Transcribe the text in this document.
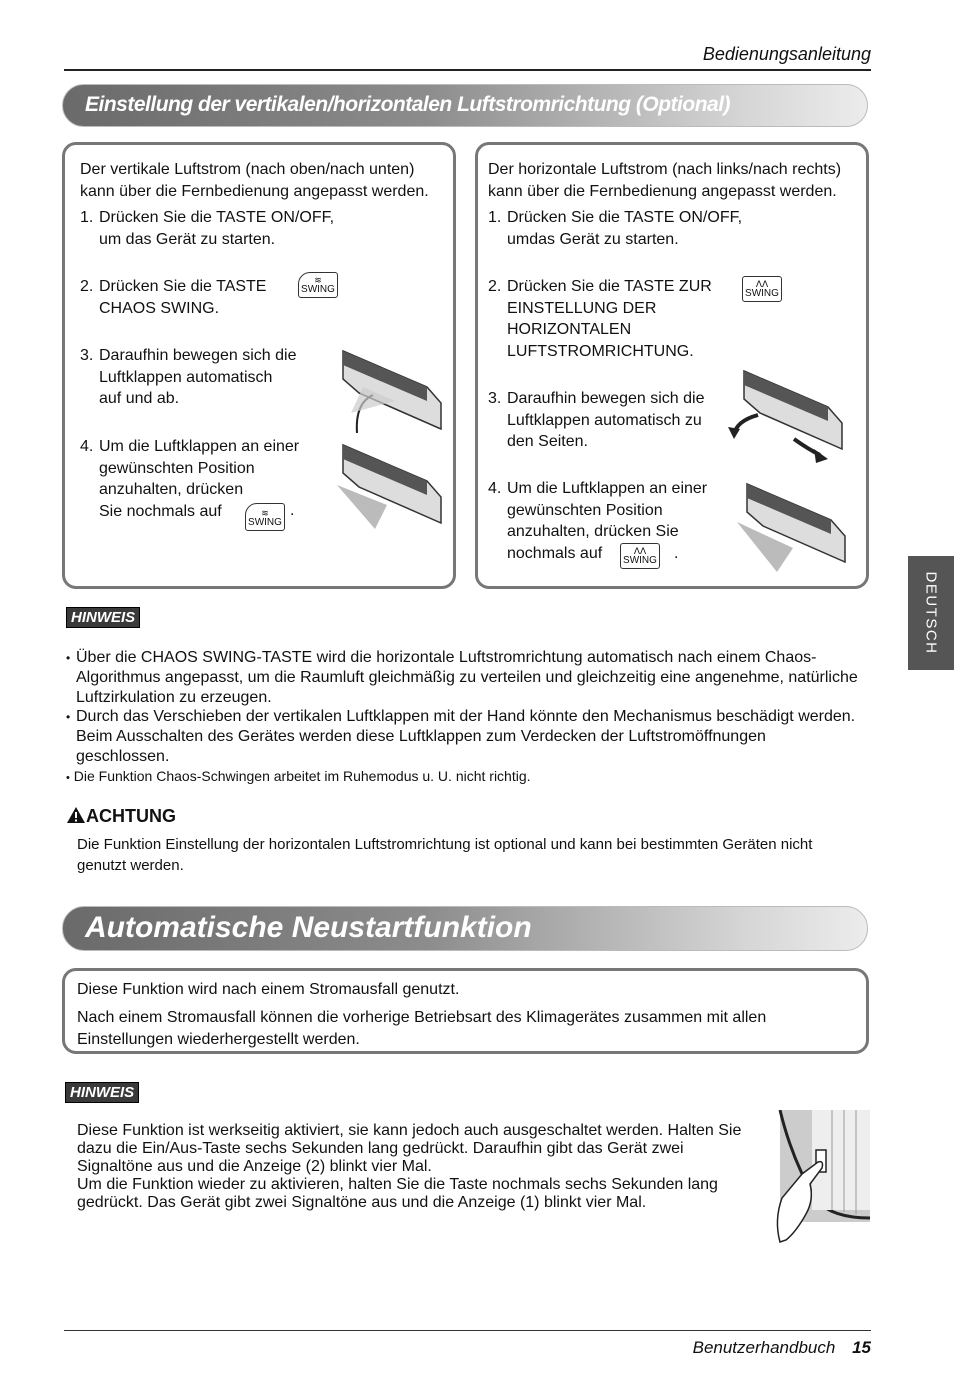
Bedienungsanleitung
Einstellung der vertikalen/horizontalen Luftstromrichtung (Optional)
Der vertikale Luftstrom (nach oben/nach unten)
kann über die Fernbedienung angepasst werden.
1. Drücken Sie die TASTE ON/OFF,
um das Gerät zu starten.
2. Drücken Sie die TASTE
CHAOS SWING.
≋
SWING
3. Daraufhin bewegen sich die
Luftklappen automatisch
auf und ab.
4. Um die Luftklappen an einer
gewünschten Position
anzuhalten, drücken
Sie nochmals auf	≋
SWING
.
Der horizontale Luftstrom (nach links/nach rechts)
kann über die Fernbedienung angepasst werden.
1. Drücken Sie die TASTE ON/OFF,
umdas Gerät zu starten.
2. Drücken Sie die TASTE ZUR
EINSTELLUNG DER
HORIZONTALEN
LUFTSTROMRICHTUNG.
ᐱᐱ
SWING
3. Daraufhin bewegen sich die
Luftklappen automatisch zu
den Seiten.
4. Um die Luftklappen an einer
gewünschten Position
anzuhalten, drücken Sie
nochmals auf	ᐱᐱ
SWING .
DEUTSCH
HINWEIS
• Über die CHAOS SWING-TASTE wird die horizontale Luftstromrichtung automatisch nach einem Chaos-
Algorithmus angepasst, um die Raumluft gleichmäßig zu verteilen und gleichzeitig eine angenehme, natürliche
Luftzirkulation zu erzeugen.
• Durch das Verschieben der vertikalen Luftklappen mit der Hand könnte den Mechanismus beschädigt werden.
Beim Ausschalten des Gerätes werden diese Luftklappen zum Verdecken der Luftstromöffnungen
geschlossen.
• Die Funktion Chaos-Schwingen arbeitet im Ruhemodus u. U. nicht richtig.
ACHTUNG
Die Funktion Einstellung der horizontalen Luftstromrichtung ist optional und kann bei bestimmten Geräten nicht
genutzt werden.
Automatische Neustartfunktion
Diese Funktion wird nach einem Stromausfall genutzt.
Nach einem Stromausfall können die vorherige Betriebsart des Klimagerätes zusammen mit allen
Einstellungen wiederhergestellt werden.
HINWEIS
Diese Funktion ist werkseitig aktiviert, sie kann jedoch auch ausgeschaltet werden. Halten Sie
dazu die Ein/Aus-Taste sechs Sekunden lang gedrückt. Daraufhin gibt das Gerät zwei
Signaltöne aus und die Anzeige (2) blinkt vier Mal.
Um die Funktion wieder zu aktivieren, halten Sie die Taste nochmals sechs Sekunden lang
gedrückt. Das Gerät gibt zwei Signaltöne aus und die Anzeige (1) blinkt vier Mal.
Benutzerhandbuch 15
